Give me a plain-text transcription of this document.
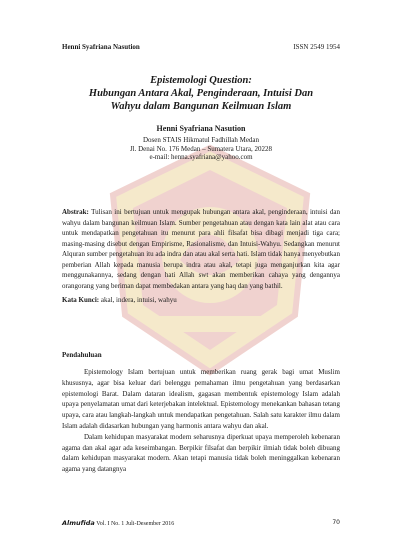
Henni Syafriana Nasution	ISSN 2549 1954

Epistemologi Question:

Hubungan Antara Akal, Penginderaan, Intuisi Dan

Wahyu dalam Bangunan Keilmuan Islam

Henni Syafriana Nasution

Dosen STAIS Hikmatul Fadhillah Medan

Jl. Denai No. 176 Medan – Sumatera Utara, 20228

e-mail: henna.syafriana@yahoo.com

Abstrak: Tulisan ini bertujuan untuk mengupak hubungan antara akal, penginderaan, intuisi dan wahyu dalam bangunan keilmuan Islam. Sumber pengetahuan atau dengan kata lain alat atau cara untuk mendapatkan pengetahuan itu menurut para ahli filsafat bisa dibagi menjadi tiga cara; masing-masing disebut dengan Empirisme, Rasionalisme, dan Intuisi-Wahyu. Sedangkan menurut Alquran sumber pengetahuan itu ada indra dan atau akal serta hati. Islam tidak hanya menyebutkan pemberian Allah kepada manusia berupa indra atau akal, tetapi juga menganjurkan kita agar menggunakannya, sedang dengan hati Allah swt akan memberikan cahaya yang dengannya orangorang yang beriman dapat membedakan antara yang haq dan yang bathil.

Kata Kunci: akal, indera, intuisi, wahyu

Pendahuluan

Epistemology Islam bertujuan untuk memberikan ruang gerak bagi umat Muslim khususnya, agar bisa keluar dari belenggu pemahaman ilmu pengetahuan yang berdasarkan epistemologi Barat. Dalam dataran idealism, gagasan membentuk epistemology Islam adalah upaya penyelamatan umat dari keterjebakan intelektual. Epistemology menekankan bahasan tetang upaya, cara atau langkah-langkah untuk mendapatkan pengetahuan. Salah satu karakter ilmu dalam Islam adalah didasarkan hubungan yang harmonis antara wahyu dan akal.

Dalam kehidupan masyarakat modern seharusnya diperkuat upaya memperoleh kebenaran agama dan akal agar ada keseimbangan. Berpikir filsafat dan berpikir ilmiah tidak boleh dibuang dalam kehidupan masyarakat modern. Akan tetapi manusia tidak boleh meninggalkan kebenaran agama yang datangnya

Almufida Vol. I No. 1 Juli-Desember 2016	70
